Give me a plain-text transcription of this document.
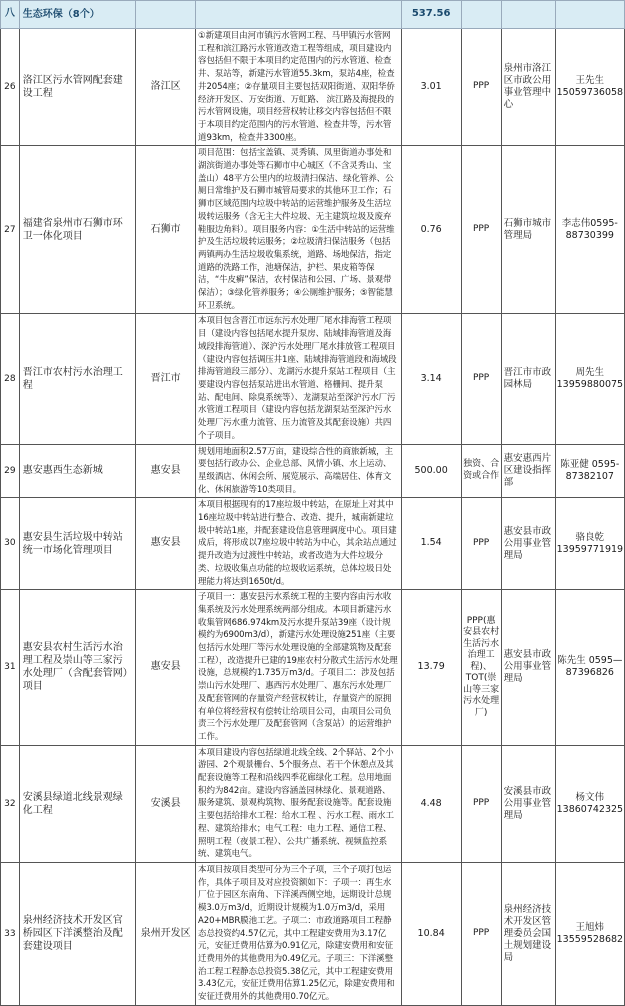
八	生态环保（8个）			537.56			
26	洛江区污水管网配套建设工程	洛江区	①新建项目由河市镇污水管网工程、马甲镇污水管网工程和滨江路污水管道改造工程等组成，项目建设内容包括但不限于本项目约定范围内的污水管道、检查井、泵站等，新建污水管道55.3km，泵站4座，检查井2054座；②存量项目主要包括双阳街道、双阳华侨经济开发区、万安街道、万虹路、 滨江路及海提段的污水管网设施，项目经营权转让移交内容包括但不限于本项目约定范围内的污水管道、检查井等，污水管道93km，检查井3300座。	3.01	PPP	泉州市洛江区市政公用事业管理中心	王先生 15059736058
27	福建省泉州市石狮市环卫一体化项目	石狮市	项目范围：包括宝盖镇、灵秀镇、凤里街道办事处和湖滨街道办事处等石狮市中心城区（不含灵秀山、宝盖山）48平方公里内的垃圾清扫保洁、绿化管养、公厕日常维护及石狮市城管局要求的其他环卫工作；石狮市区域范围内垃圾中转站的运营维护服务及生活垃圾转运服务（含无主大件垃圾、无主建筑垃圾及废弃鞋服边角料）。项目服务内容：①生活中转站的运营维护及生活垃圾转运服务；②垃圾清扫保洁服务（包括两镇两办生活垃圾收集系统，道路、场地保洁，指定道路的洗路工作，池塘保洁，护栏、果皮箱等保洁，“牛皮癣”保洁，农村保洁和公园、广场、景观带保洁）；③绿化管养服务；④公厕维护服务；⑤智能慧环卫系统。	0.76	PPP	石狮市城市管理局	李志伟0595-88730399
28	晋江市农村污水治理工程	晋江市	本项目包含晋江市远东污水处理厂尾水排海管工程项目（建设内容包括尾水提升泵房、陆域排海管道及海域段排海管道）、深沪污水处理厂尾水排放管工程项目（建设内容包括调压井1座、陆域排海管道段和海域段排海管道段三部分）、龙湖污水提升泵站工程项目（主要建设内容包括泵站进出水管道、格栅间、提升泵站、配电间、除臭系统等）、龙湖泵站至深沪污水厂污水管道工程项目（建设内容包括龙湖泵站至深沪污水处理厂污水重力流管、压力流管及其配套设施）共四个子项目。	3.14	PPP	晋江市市政园林局	周先生 13959880075
29	惠安惠西生态新城	惠安县	规划用地面积2.57万亩，建设综合性的商旅新城，主要包括行政办公、企业总部、风情小镇、水上运动、星级酒店、休闲会所、展览展示、高端居住、体育文化、休闲旅游等10类项目。	500.00	独资、合资或合作	惠安惠西片区建设指挥部	陈亚健 0595-87382107
30	惠安县生活垃圾中转站统一市场化管理项目	惠安县	本项目根据现有的17座垃圾中转站，在原址上对其中16座垃圾中转站进行整合、改造、提升，城南新建垃圾中转站1座，并配套建设信息管理调度中心。项目建成后，将形成以7座垃圾中转站为中心，其余站点通过提升改造为过渡性中转站，或者改造为大件垃圾分类、垃圾收集点功能的垃圾收运系统，总体垃圾日处理能力将达到1650t/d。	1.54	PPP	惠安县市政公用事业管理局	骆良乾 13959771919
31	惠安县农村生活污水治理工程及崇山等三家污水处理厂（含配套管网）项目	惠安县	子项目一：惠安县污水系统工程的主要内容由污水收集系统及污水处理系统两部分组成。本项目新建污水收集管网686.974km及污水提升泵站39座（设计规模约为6900m3/d），新建污水处理设施251座（主要包括污水处理厂等污水处理设施的全部建筑物及配套工程），改造提升已建的19座农村分散式生活污水处理设施，总规模约1.735万m3/d。子项目二：涉及包括崇山污水处理厂、惠西污水处理厂、惠东污水处理厂及配套管网的存量资产经营权转让，存量资产的原拥有单位将经营权有偿转让给项目公司，由项目公司负责三个污水处理厂及配套管网（含泵站）的运营维护工作。	13.79	PPP(惠安县农村生活污水治理工程)、TOT(崇山等三家污水处理厂)	惠安县市政公用事业管理局	陈先生 0595—87396826
32	安溪县绿道北线景观绿化工程	安溪县	本项目建设内容包括绿道北线全线、2个驿站、2个小游园、2个观景栅台、5个服务点、若干个休憩点及其配套设施等工程和沿线四季花廊绿化工程。总用地面积约为842亩。建设内容涵盖园林绿化、景观道路、服务建筑、景观构筑物、服务配套设施等。配套设施主要包括给排水工程：给水工程 、污水工程、雨水工程、建筑给排水；电气工程：电力工程、通信工程、照明工程（夜景工程）、公共广播系统、视频监控系统、建筑电气。	4.48	PPP	安溪县市政公用事业管理局	杨文伟 13860742325
33	泉州经济技术开发区官桥园区下洋溪整治及配套建设项目	泉州开发区	本项目按项目类型可分为三个子项，三个子项打包运作，具体子项目及对应投资额如下：子项一：再生水厂位于园区东南角、下洋溪西侧空地，远期设计总规模3.0万m3/d，近期设计规模为1.0万m3/d，采用A20+MBR膜池工艺。子项二：市政道路项目工程静态总投资约4.57亿元，其中工程建安费用为3.17亿元，安征迁费用估算为0.91亿元，除建安费用和安征迁费用外的其他费用为0.49亿元。子项三：下洋溪整治工程工程静态总投资5.38亿元，其中工程建安费用3.43亿元，安征迁费用估算1.25亿元，除建安费用和安征迁费用外的其他费用0.70亿元。	10.84	PPP	泉州经济技术开发区管理委员会国土规划建设局	王旭炜 13559528682
